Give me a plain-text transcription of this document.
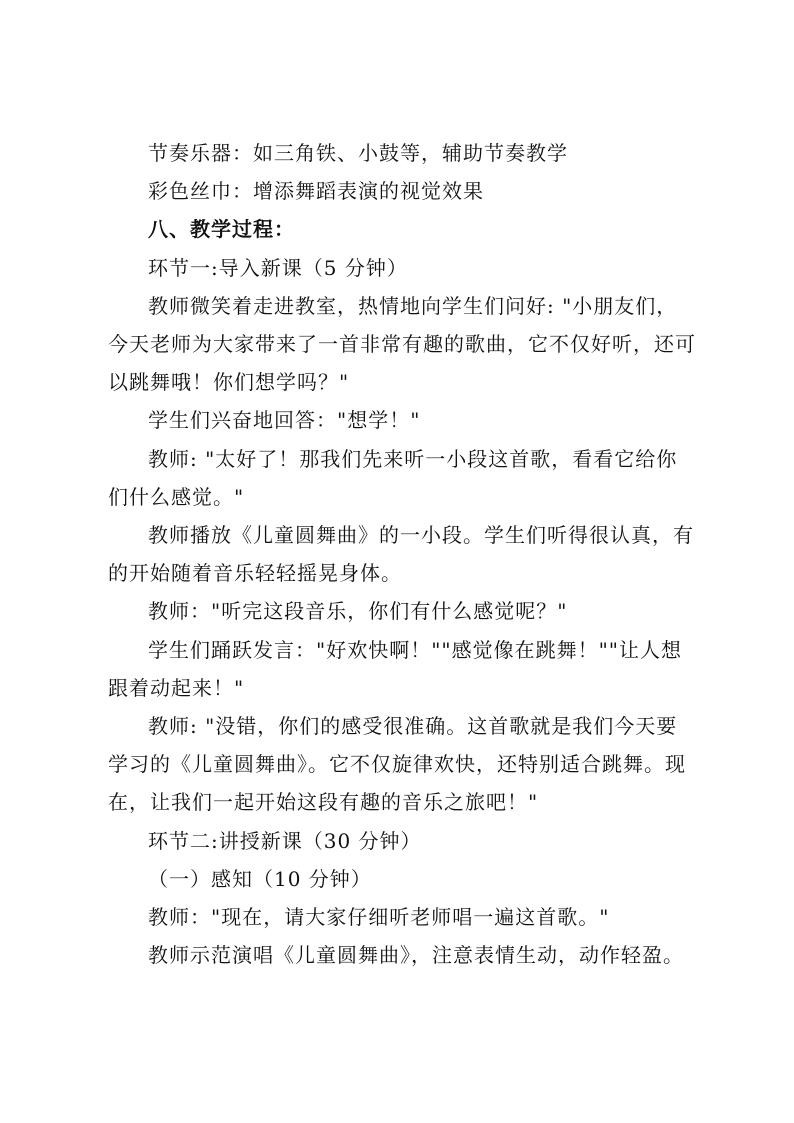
节奏乐器：如三角铁、小鼓等，辅助节奏教学

彩色丝巾：增添舞蹈表演的视觉效果

八、教学过程：

环节一:导入新课（5 分钟）

教师微笑着走进教室，热情地向学生们问好: "小朋友们，今天老师为大家带来了一首非常有趣的歌曲，它不仅好听，还可以跳舞哦！你们想学吗？"

学生们兴奋地回答："想学！"

教师: "太好了！那我们先来听一小段这首歌，看看它给你们什么感觉。"

教师播放《儿童圆舞曲》的一小段。学生们听得很认真，有的开始随着音乐轻轻摇晃身体。

教师："听完这段音乐，你们有什么感觉呢？"

学生们踊跃发言："好欢快啊！""感觉像在跳舞！""让人想跟着动起来！"

教师: "没错，你们的感受很准确。这首歌就是我们今天要学习的《儿童圆舞曲》。它不仅旋律欢快，还特别适合跳舞。现在，让我们一起开始这段有趣的音乐之旅吧！"

环节二:讲授新课（30 分钟）

（一）感知（10 分钟）

教师："现在，请大家仔细听老师唱一遍这首歌。"

教师示范演唱《儿童圆舞曲》，注意表情生动，动作轻盈。
